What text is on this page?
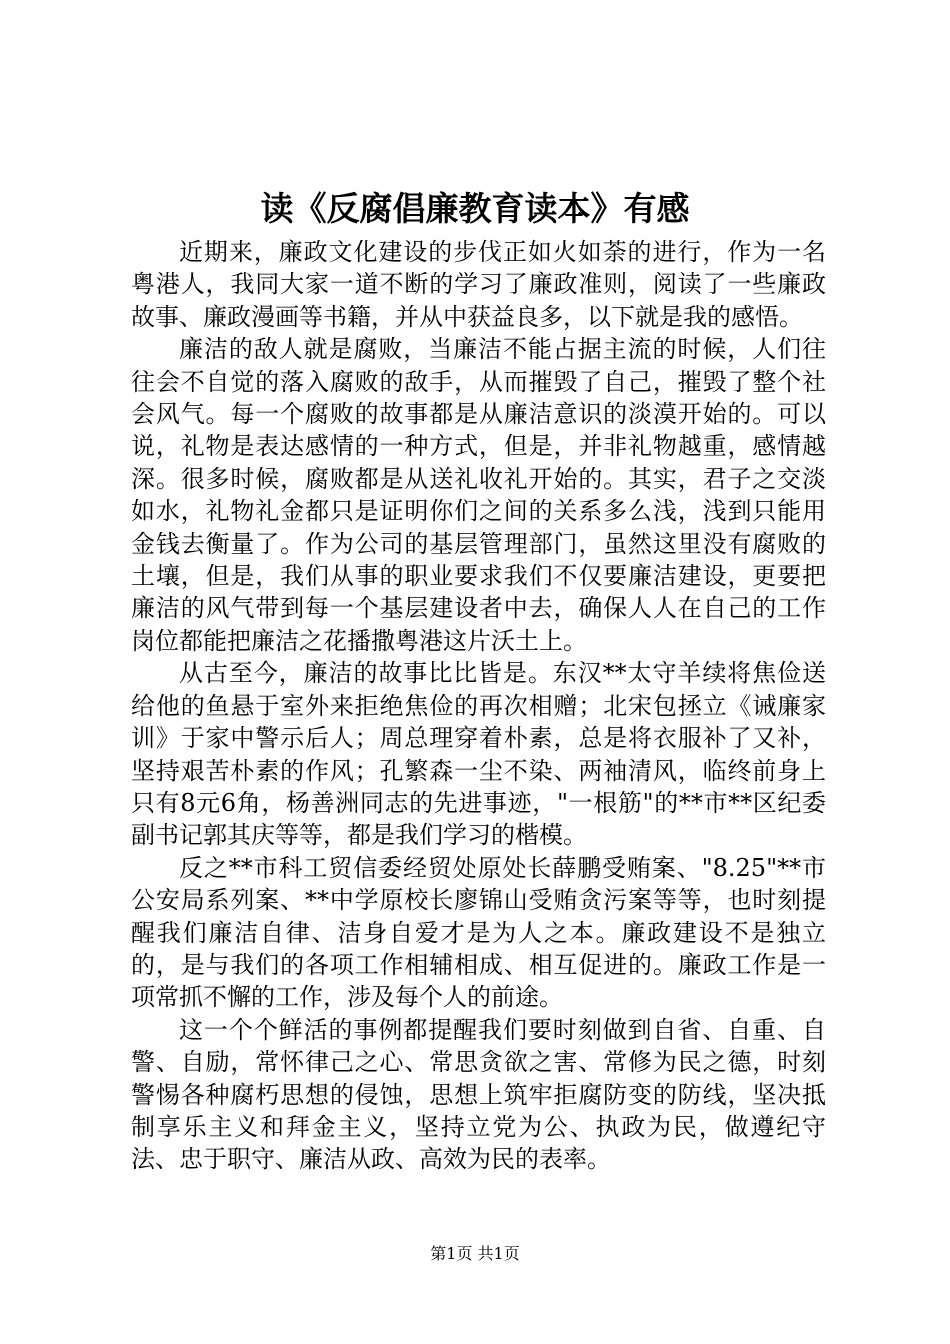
读《反腐倡廉教育读本》有感

近期来，廉政文化建设的步伐正如火如荼的进行，作为一名粤港人，我同大家一道不断的学习了廉政准则，阅读了一些廉政故事、廉政漫画等书籍，并从中获益良多，以下就是我的感悟。

廉洁的敌人就是腐败，当廉洁不能占据主流的时候，人们往往会不自觉的落入腐败的敌手，从而摧毁了自己，摧毁了整个社会风气。每一个腐败的故事都是从廉洁意识的淡漠开始的。可以说，礼物是表达感情的一种方式，但是，并非礼物越重，感情越深。很多时候，腐败都是从送礼收礼开始的。其实，君子之交淡如水，礼物礼金都只是证明你们之间的关系多么浅，浅到只能用金钱去衡量了。作为公司的基层管理部门，虽然这里没有腐败的土壤，但是，我们从事的职业要求我们不仅要廉洁建设，更要把廉洁的风气带到每一个基层建设者中去，确保人人在自己的工作岗位都能把廉洁之花播撒粤港这片沃土上。

从古至今，廉洁的故事比比皆是。东汉**太守羊续将焦俭送给他的鱼悬于室外来拒绝焦俭的再次相赠；北宋包拯立《诫廉家训》于家中警示后人；周总理穿着朴素，总是将衣服补了又补，坚持艰苦朴素的作风；孔繁森一尘不染、两袖清风，临终前身上只有8元6角，杨善洲同志的先进事迹，"一根筋"的**市**区纪委副书记郭其庆等等，都是我们学习的楷模。

反之**市科工贸信委经贸处原处长薛鹏受贿案、"8.25"**市公安局系列案、**中学原校长廖锦山受贿贪污案等等，也时刻提醒我们廉洁自律、洁身自爱才是为人之本。廉政建设不是独立的，是与我们的各项工作相辅相成、相互促进的。廉政工作是一项常抓不懈的工作，涉及每个人的前途。

这一个个鲜活的事例都提醒我们要时刻做到自省、自重、自警、自励，常怀律己之心、常思贪欲之害、常修为民之德，时刻警惕各种腐朽思想的侵蚀，思想上筑牢拒腐防变的防线，坚决抵制享乐主义和拜金主义，坚持立党为公、执政为民，做遵纪守法、忠于职守、廉洁从政、高效为民的表率。

第1页 共1页
